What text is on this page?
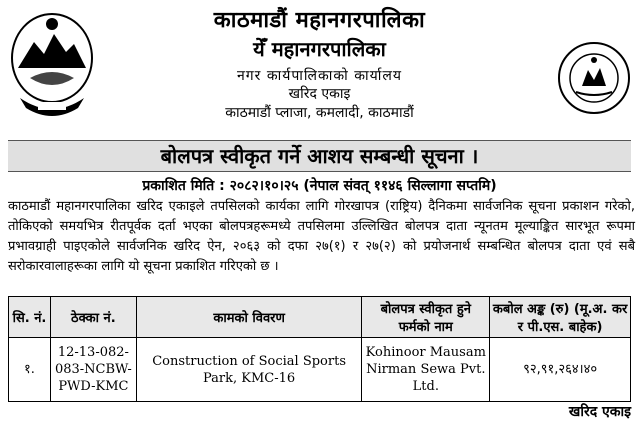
काठमाडौं महानगरपालिका
येँ महानगरपालिका
नगर कार्यपालिकाको कार्यालय
खरिद एकाइ
काठमाडौं प्लाजा, कमलादी, काठमाडौं
बोलपत्र स्वीकृत गर्ने आशय सम्बन्धी सूचना ।
प्रकाशित मिति : २०८२।१०।२५ (नेपाल संवत् ११४६ सिल्लागा सप्तमि)
काठमाडौं महानगरपालिका खरिद एकाइले तपसिलको कार्यका लागि गोरखापत्र (राष्ट्रिय) दैनिकमा सार्वजनिक सूचना प्रकाशन गरेको, तोकिएको समयभित्र रीतपूर्वक दर्ता भएका बोलपत्रहरूमध्ये तपसिलमा उल्लिखित बोलपत्र दाता न्यूनतम मूल्याङ्कित सारभूत रूपमा प्रभावग्राही पाइएकोले सार्वजनिक खरिद ऐन, २०६३ को दफा २७(१) र २७(२) को प्रयोजनार्थ सम्बन्धित बोलपत्र दाता एवं सबै सरोकारवालाहरूका लागि यो सूचना प्रकाशित गरिएको छ ।
सि. नं.	ठेक्का नं.	कामको विवरण	बोलपत्र स्वीकृत हुने फर्मको नाम	कबोल अङ्क (रु) (मू.अ. कर र पी.एस. बाहेक)
१.	12-13-082-083-NCBW-PWD-KMC	Construction of Social Sports Park, KMC-16	Kohinoor Mausam Nirman Sewa Pvt. Ltd.	९२,९१,२६४।४०
खरिद एकाइ
